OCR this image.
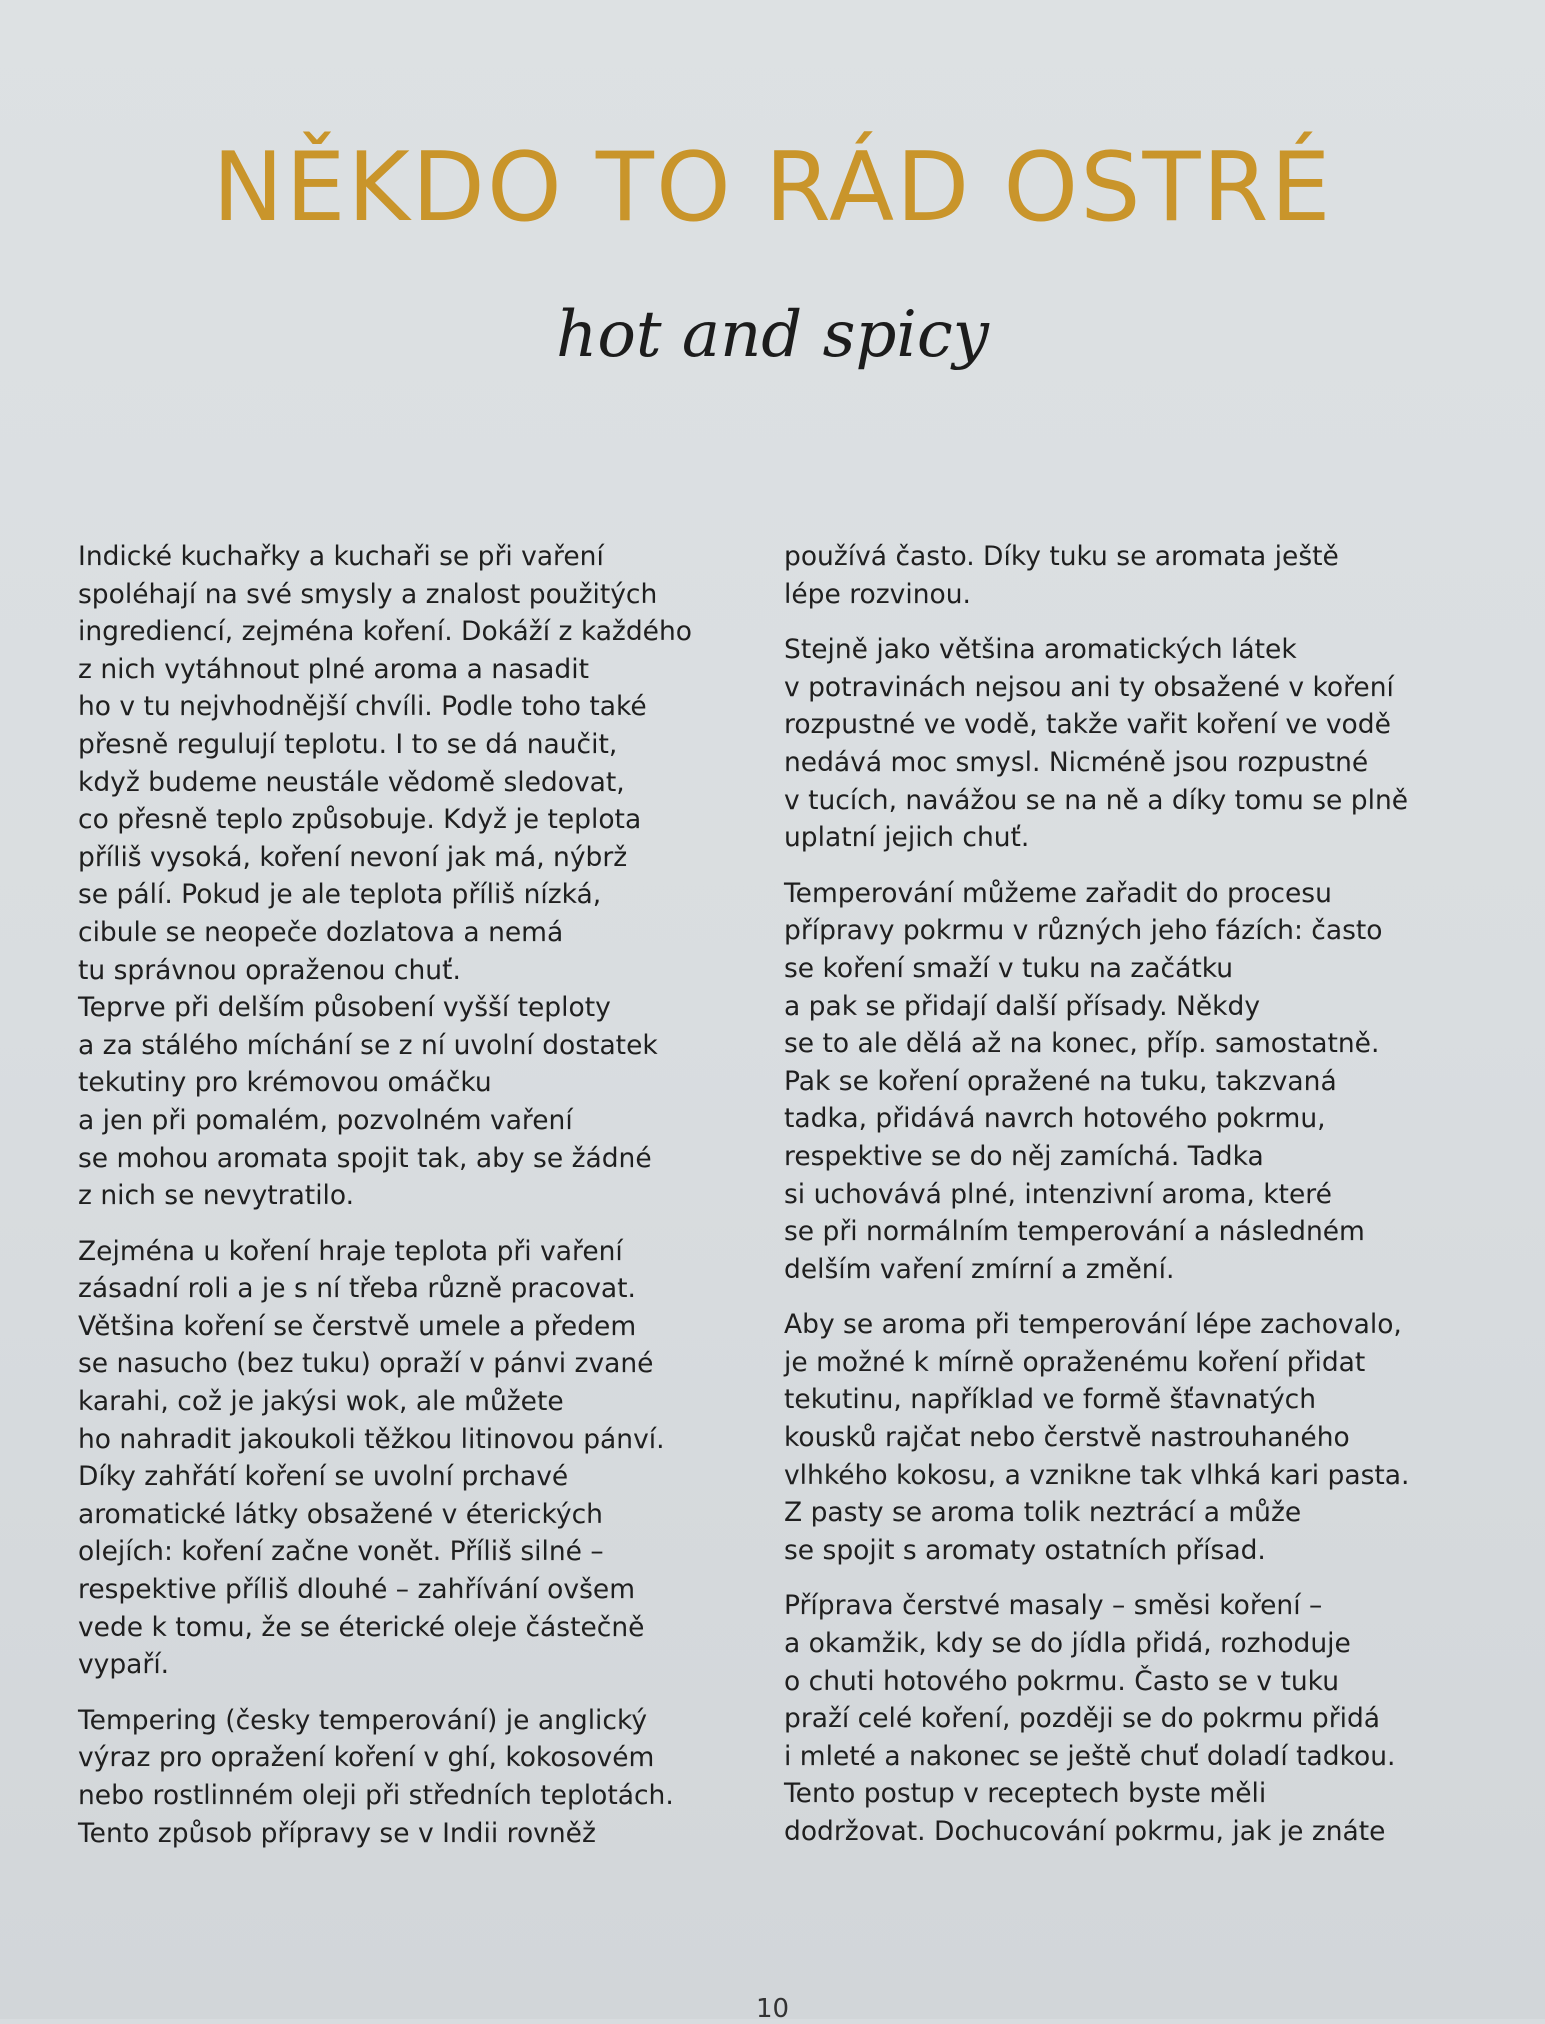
NĚKDO TO RÁD OSTRÉ
hot and spicy

Indické kuchařky a kuchaři se při vaření
spoléhají na své smysly a znalost použitých
ingrediencí, zejména koření. Dokáží z každého
z nich vytáhnout plné aroma a nasadit
ho v tu nejvhodnější chvíli. Podle toho také
přesně regulují teplotu. I to se dá naučit,
když budeme neustále vědomě sledovat,
co přesně teplo způsobuje. Když je teplota
příliš vysoká, koření nevoní jak má, nýbrž
se pálí. Pokud je ale teplota příliš nízká,
cibule se neopeče dozlatova a nemá
tu správnou opraženou chuť.
Teprve při delším působení vyšší teploty
a za stálého míchání se z ní uvolní dostatek
tekutiny pro krémovou omáčku
a jen při pomalém, pozvolném vaření
se mohou aromata spojit tak, aby se žádné
z nich se nevytratilo.

Zejména u koření hraje teplota při vaření
zásadní roli a je s ní třeba různě pracovat.
Většina koření se čerstvě umele a předem
se nasucho (bez tuku) opraží v pánvi zvané
karahi, což je jakýsi wok, ale můžete
ho nahradit jakoukoli těžkou litinovou pánví.
Díky zahřátí koření se uvolní prchavé
aromatické látky obsažené v éterických
olejích: koření začne vonět. Příliš silné –
respektive příliš dlouhé – zahřívání ovšem
vede k tomu, že se éterické oleje částečně
vypaří.

Tempering (česky temperování) je anglický
výraz pro opražení koření v ghí, kokosovém
nebo rostlinném oleji při středních teplotách.
Tento způsob přípravy se v Indii rovněž

používá často. Díky tuku se aromata ještě
lépe rozvinou.

Stejně jako většina aromatických látek
v potravinách nejsou ani ty obsažené v koření
rozpustné ve vodě, takže vařit koření ve vodě
nedává moc smysl. Nicméně jsou rozpustné
v tucích, navážou se na ně a díky tomu se plně
uplatní jejich chuť.

Temperování můžeme zařadit do procesu
přípravy pokrmu v různých jeho fázích: často
se koření smaží v tuku na začátku
a pak se přidají další přísady. Někdy
se to ale dělá až na konec, příp. samostatně.
Pak se koření opražené na tuku, takzvaná
tadka, přidává navrch hotového pokrmu,
respektive se do něj zamíchá. Tadka
si uchovává plné, intenzivní aroma, které
se při normálním temperování a následném
delším vaření zmírní a změní.

Aby se aroma při temperování lépe zachovalo,
je možné k mírně opraženému koření přidat
tekutinu, například ve formě šťavnatých
kousků rajčat nebo čerstvě nastrouhaného
vlhkého kokosu, a vznikne tak vlhká kari pasta.
Z pasty se aroma tolik neztrácí a může
se spojit s aromaty ostatních přísad.

Příprava čerstvé masaly – směsi koření –
a okamžik, kdy se do jídla přidá, rozhoduje
o chuti hotového pokrmu. Často se v tuku
praží celé koření, později se do pokrmu přidá
i mleté a nakonec se ještě chuť doladí tadkou.
Tento postup v receptech byste měli
dodržovat. Dochucování pokrmu, jak je znáte

10
